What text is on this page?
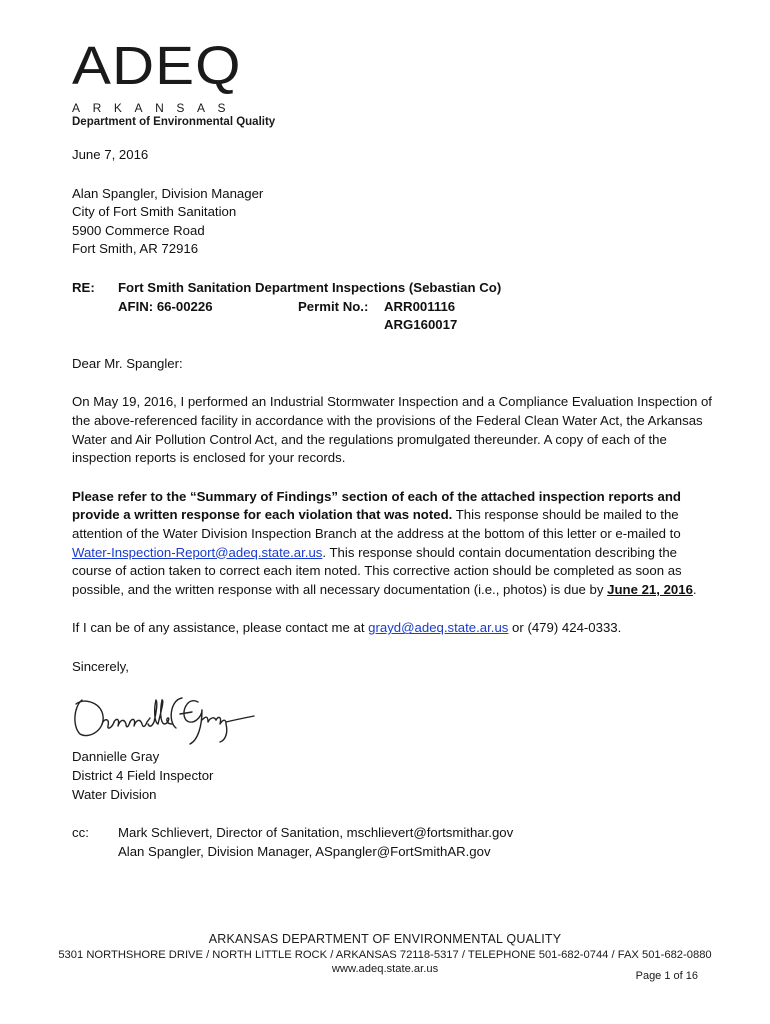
ADEQ
ARKANSAS
Department of Environmental Quality

June 7, 2016

Alan Spangler, Division Manager

City of Fort Smith Sanitation

5900 Commerce Road

Fort Smith, AR 72916

RE:	Fort Smith Sanitation Department Inspections (Sebastian Co)
AFIN: 66-00226	Permit No.:	ARR001116
ARG160017

Dear Mr. Spangler:

On May 19, 2016, I performed an Industrial Stormwater Inspection and a Compliance Evaluation Inspection of the above-referenced facility in accordance with the provisions of the Federal Clean Water Act, the Arkansas Water and Air Pollution Control Act, and the regulations promulgated thereunder. A copy of each of the inspection reports is enclosed for your records.

Please refer to the “Summary of Findings” section of each of the attached inspection reports and provide a written response for each violation that was noted. This response should be mailed to the attention of the Water Division Inspection Branch at the address at the bottom of this letter or e-mailed to Water-Inspection-Report@adeq.state.ar.us. This response should contain documentation describing the course of action taken to correct each item noted. This corrective action should be completed as soon as possible, and the written response with all necessary documentation (i.e., photos) is due by June 21, 2016.

If I can be of any assistance, please contact me at grayd@adeq.state.ar.us or (479) 424-0333.

Sincerely,

Dannielle Gray

District 4 Field Inspector

Water Division

cc:	Mark Schlievert, Director of Sanitation, mschlievert@fortsmithar.gov

Alan Spangler, Division Manager, ASpangler@FortSmithAR.gov

ARKANSAS DEPARTMENT OF ENVIRONMENTAL QUALITY
5301 NORTHSHORE DRIVE / NORTH LITTLE ROCK / ARKANSAS 72118-5317 / TELEPHONE 501-682-0744 / FAX 501-682-0880
www.adeq.state.ar.us
Page 1 of 16
